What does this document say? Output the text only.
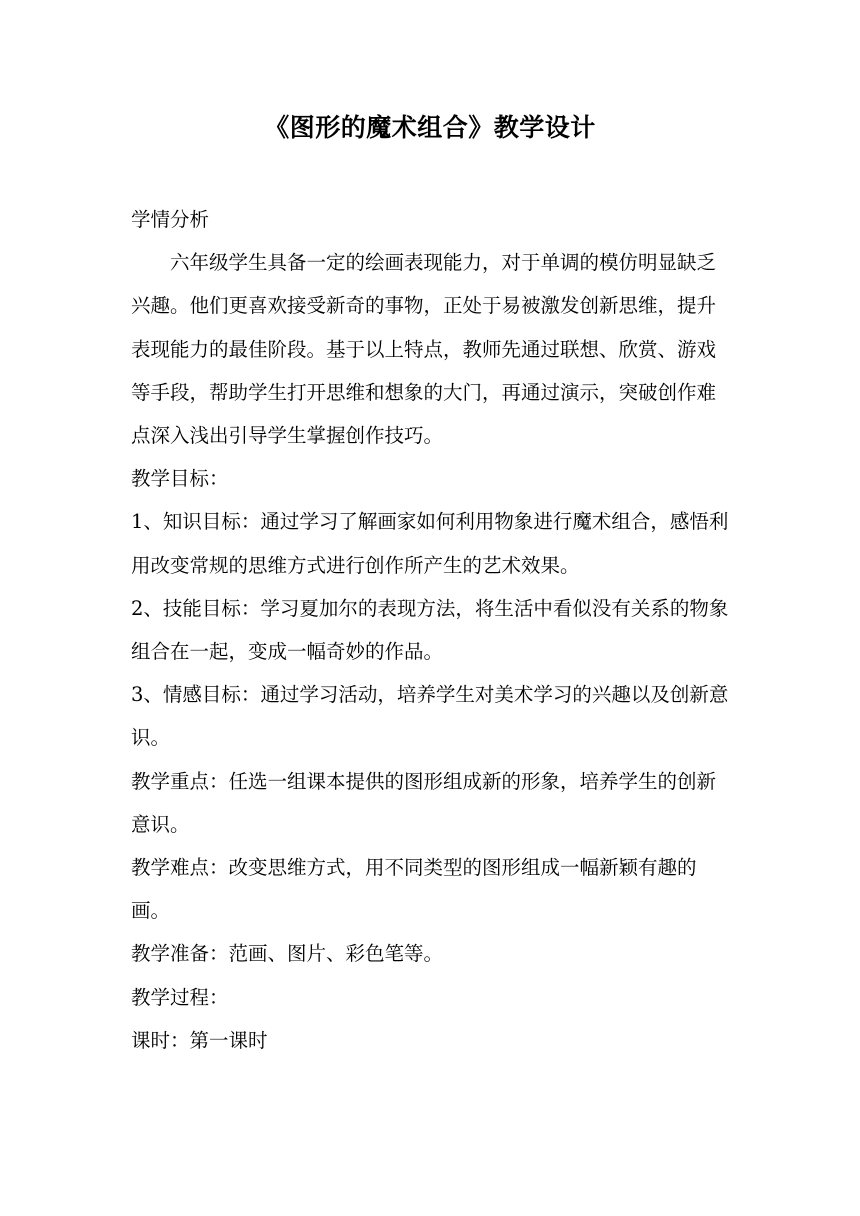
《图形的魔术组合》教学设计

学情分析

六年级学生具备一定的绘画表现能力，对于单调的模仿明显缺乏兴趣。他们更喜欢接受新奇的事物，正处于易被激发创新思维，提升表现能力的最佳阶段。基于以上特点，教师先通过联想、欣赏、游戏等手段，帮助学生打开思维和想象的大门，再通过演示，突破创作难点深入浅出引导学生掌握创作技巧。

教学目标：

1、知识目标：通过学习了解画家如何利用物象进行魔术组合，感悟利用改变常规的思维方式进行创作所产生的艺术效果。

2、技能目标：学习夏加尔的表现方法，将生活中看似没有关系的物象组合在一起，变成一幅奇妙的作品。

3、情感目标：通过学习活动，培养学生对美术学习的兴趣以及创新意识。

教学重点：任选一组课本提供的图形组成新的形象，培养学生的创新意识。

教学难点：改变思维方式，用不同类型的图形组成一幅新颖有趣的画。

教学准备：范画、图片、彩色笔等。

教学过程：

课时：第一课时
